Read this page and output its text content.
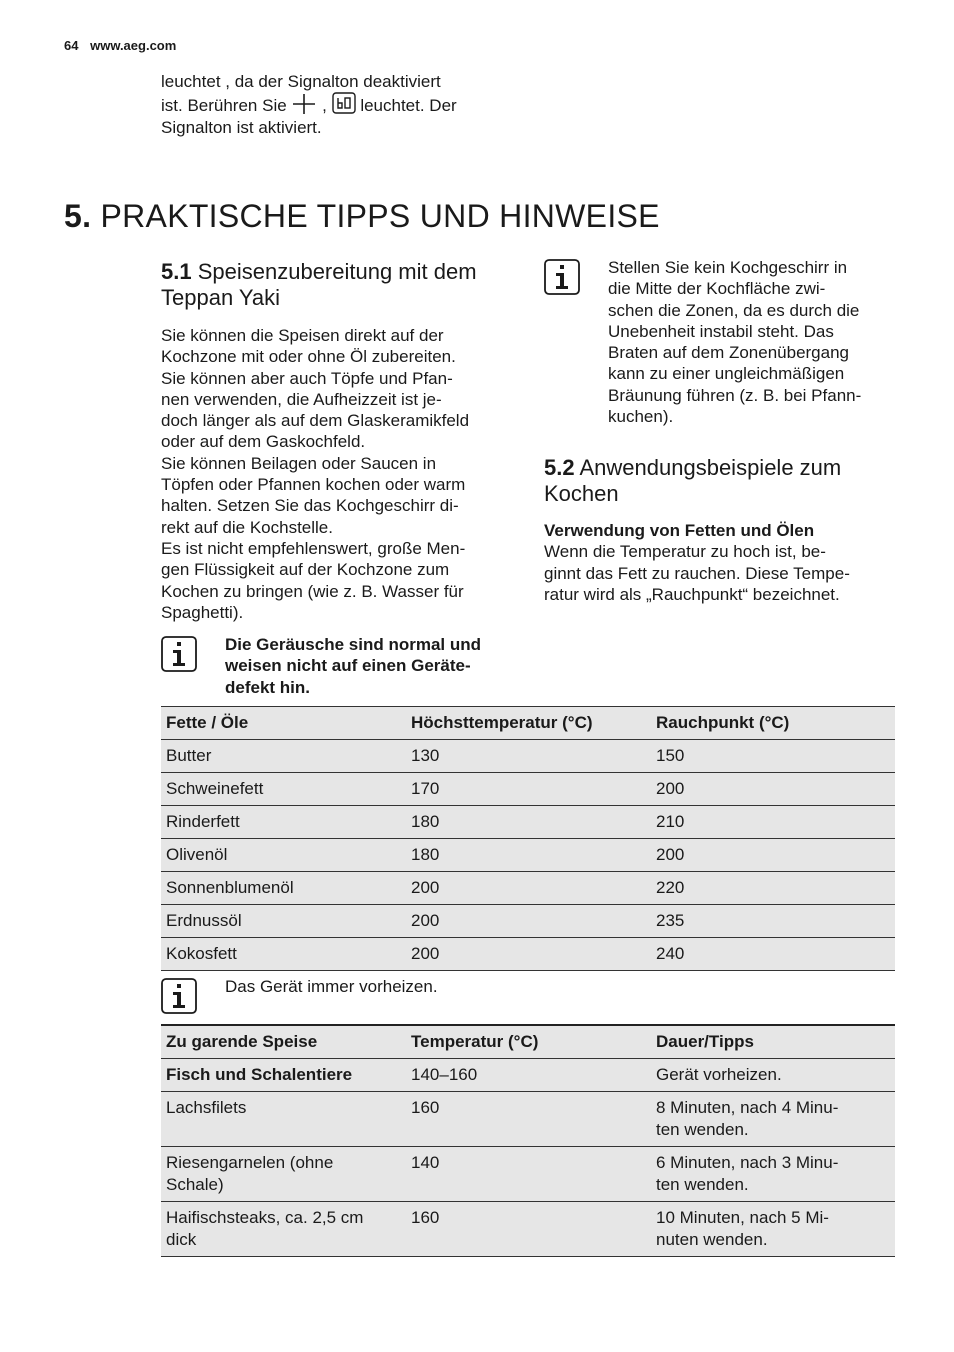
64 www.aeg.com
leuchtet , da der Signalton deaktiviert
ist. Berühren Sie  ,  leuchtet. Der
Signalton ist aktiviert.
5. PRAKTISCHE TIPPS UND HINWEISE
5.1 Speisenzubereitung mit dem Teppan Yaki
Sie können die Speisen direkt auf der
Kochzone mit oder ohne Öl zubereiten.
Sie können aber auch Töpfe und Pfan-
nen verwenden, die Aufheizzeit ist je-
doch länger als auf dem Glaskeramikfeld
oder auf dem Gaskochfeld.
Sie können Beilagen oder Saucen in
Töpfen oder Pfannen kochen oder warm
halten. Setzen Sie das Kochgeschirr di-
rekt auf die Kochstelle.
Es ist nicht empfehlenswert, große Men-
gen Flüssigkeit auf der Kochzone zum
Kochen zu bringen (wie z. B. Wasser für
Spaghetti).
Die Geräusche sind normal und
weisen nicht auf einen Geräte-
defekt hin.
Stellen Sie kein Kochgeschirr in
die Mitte der Kochfläche zwi-
schen die Zonen, da es durch die
Unebenheit instabil steht. Das
Braten auf dem Zonenübergang
kann zu einer ungleichmäßigen
Bräunung führen (z. B. bei Pfann-
kuchen).
5.2 Anwendungsbeispiele zum Kochen
Verwendung von Fetten und Ölen
Wenn die Temperatur zu hoch ist, be-
ginnt das Fett zu rauchen. Diese Tempe-
ratur wird als „Rauchpunkt“ bezeichnet.
Fette / Öle	Höchsttemperatur (°C)	Rauchpunkt (°C)
Butter	130	150
Schweinefett	170	200
Rinderfett	180	210
Olivenöl	180	200
Sonnenblumenöl	200	220
Erdnussöl	200	235
Kokosfett	200	240
Das Gerät immer vorheizen.
Zu garende Speise	Temperatur (°C)	Dauer/Tipps
Fisch und Schalentiere	140–160	Gerät vorheizen.
Lachsfilets	160	8 Minuten, nach 4 Minu-
ten wenden.
Riesengarnelen (ohne
Schale)	140	6 Minuten, nach 3 Minu-
ten wenden.
Haifischsteaks, ca. 2,5 cm
dick	160	10 Minuten, nach 5 Mi-
nuten wenden.
